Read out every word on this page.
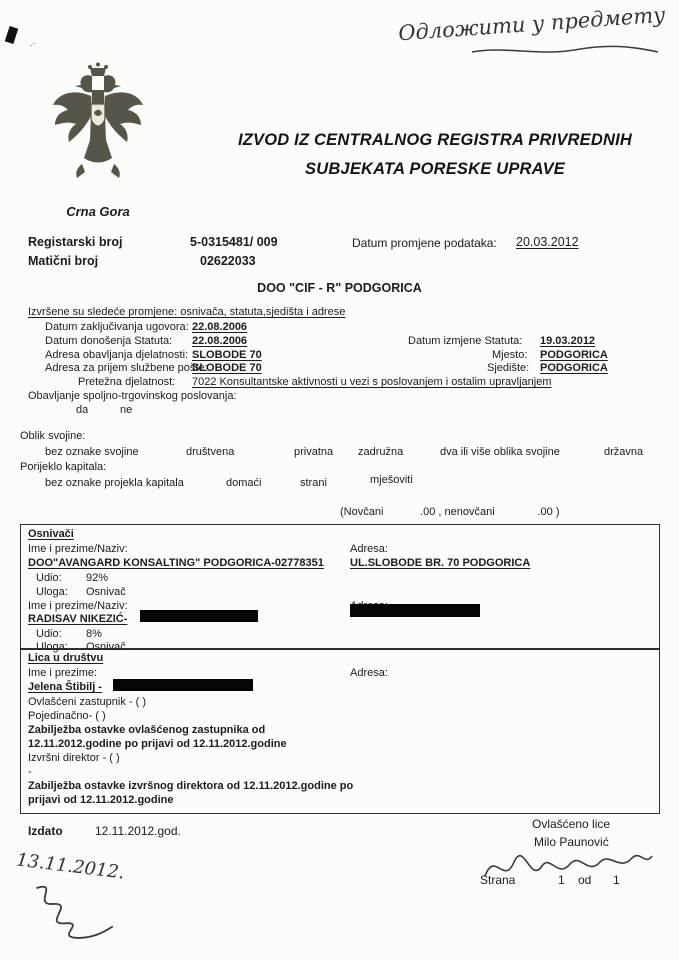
.·	Одложити у предмету
Crna Gora
IZVOD IZ CENTRALNOG REGISTRA PRIVREDNIH
SUBJEKATA PORESKE UPRAVE
Registarski broj	5-0315481/ 009	Datum promjene podataka: 20.03.2012
Matični broj	02622033
DOO "CIF - R" PODGORICA
Izvršene su sledeće promjene: osnivača, statuta,sjedišta i adrese
Datum zaključivanja ugovora: 22.08.2006
Datum donošenja Statuta: 22.08.2006	Datum izmjene Statuta: 19.03.2012
Adresa obavljanja djelatnosti: SLOBODE 70	Mjesto: PODGORICA
Adresa za prijem službene pošte:
SLOBODE 70	Sjedište: PODGORICA
Pretežna djelatnost: 7022 Konsultantske aktivnosti u vezi s poslovanjem i ostalim upravljanjem
Obavljanje spoljno-trgovinskog poslovanja:
da	ne
Oblik svojine:
bez oznake svojine	društvena	privatna zadružna	dva ili više oblika svojine	državna
Porijeklo kapitala:
bez oznake projekla kapitala	domaći	strani	mješoviti
(Novčani            .00 , nenovčani              .00 )
Osnivači
Ime i prezime/Naziv:	Adresa:
DOO"AVANGARD KONSALTING" PODGORICA-02778351 UL.SLOBODE BR. 70 PODGORICA
Udio: 92%
Uloga: Osnivač
Ime i prezime/Naziv:
RADISAV NIKEZIĆ-
Udio: 8%
Uloga: Osnivač
Lica u društvu
Ime i prezime:	Adresa:
Jelena Štibilj -
Ovlašćeni zastupnik - ( )
Pojedinačno- ( )
Zabilježba ostavke ovlašćenog zastupnika od
12.11.2012.godine po prijavi od 12.11.2012.godine
Izvršni direktor - ( )
-
Zabilježba ostavke izvršnog direktora od 12.11.2012.godine po
prijavi od 12.11.2012.godine
Izdato	12.11.2012.god.	Ovlašćeno lice
Milo Paunović
Strana	1 od 1
13.11.2012.
